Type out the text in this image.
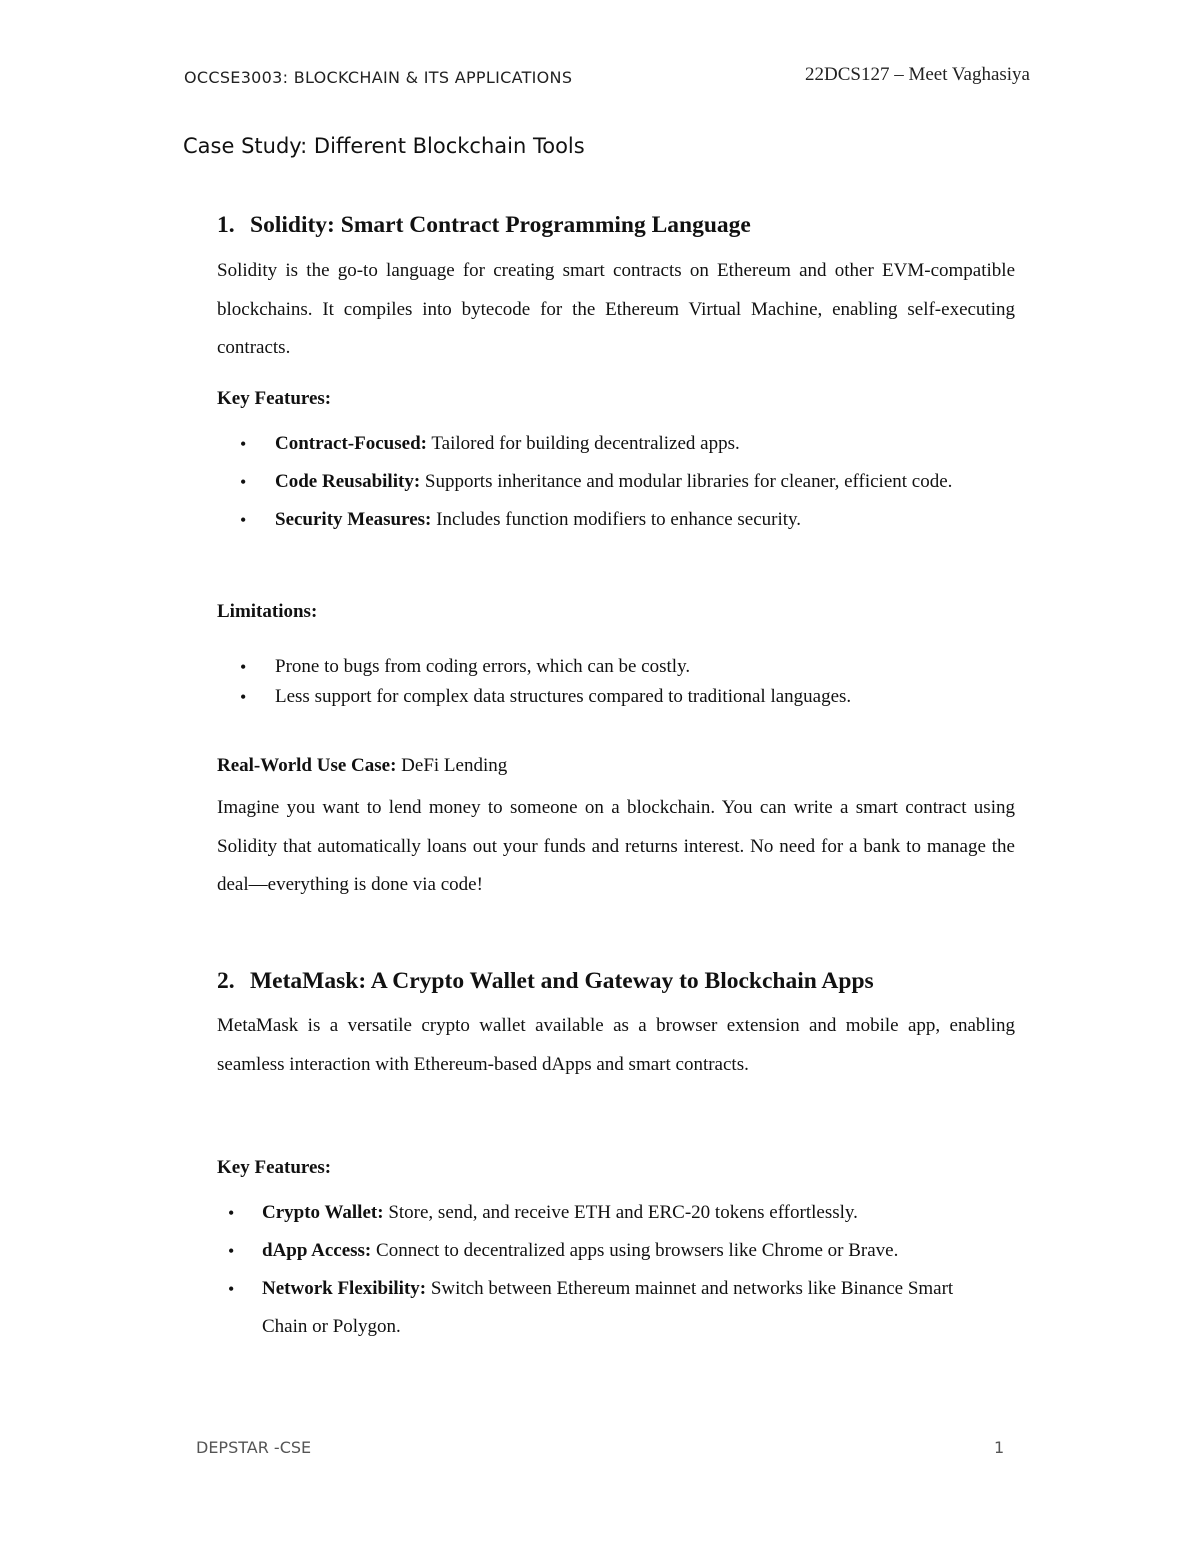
OCCSE3003: BLOCKCHAIN & ITS APPLICATIONS	22DCS127 – Meet Vaghasiya
Case Study: Different Blockchain Tools
1. Solidity: Smart Contract Programming Language

Solidity is the go-to language for creating smart contracts on Ethereum and other EVM-compatible blockchains. It compiles into bytecode for the Ethereum Virtual Machine, enabling self-executing contracts.

Key Features:

• Contract-Focused: Tailored for building decentralized apps.
• Code Reusability: Supports inheritance and modular libraries for cleaner, efficient code.
• Security Measures: Includes function modifiers to enhance security.

Limitations:

• Prone to bugs from coding errors, which can be costly.
• Less support for complex data structures compared to traditional languages.

Real-World Use Case: DeFi Lending

Imagine you want to lend money to someone on a blockchain. You can write a smart contract using Solidity that automatically loans out your funds and returns interest. No need for a bank to manage the deal—everything is done via code!

2. MetaMask: A Crypto Wallet and Gateway to Blockchain Apps

MetaMask is a versatile crypto wallet available as a browser extension and mobile app, enabling seamless interaction with Ethereum-based dApps and smart contracts.

Key Features:

• Crypto Wallet: Store, send, and receive ETH and ERC-20 tokens effortlessly.
• dApp Access: Connect to decentralized apps using browsers like Chrome or Brave.
• Network Flexibility: Switch between Ethereum mainnet and networks like Binance Smart Chain or Polygon.
DEPSTAR -CSE	1
